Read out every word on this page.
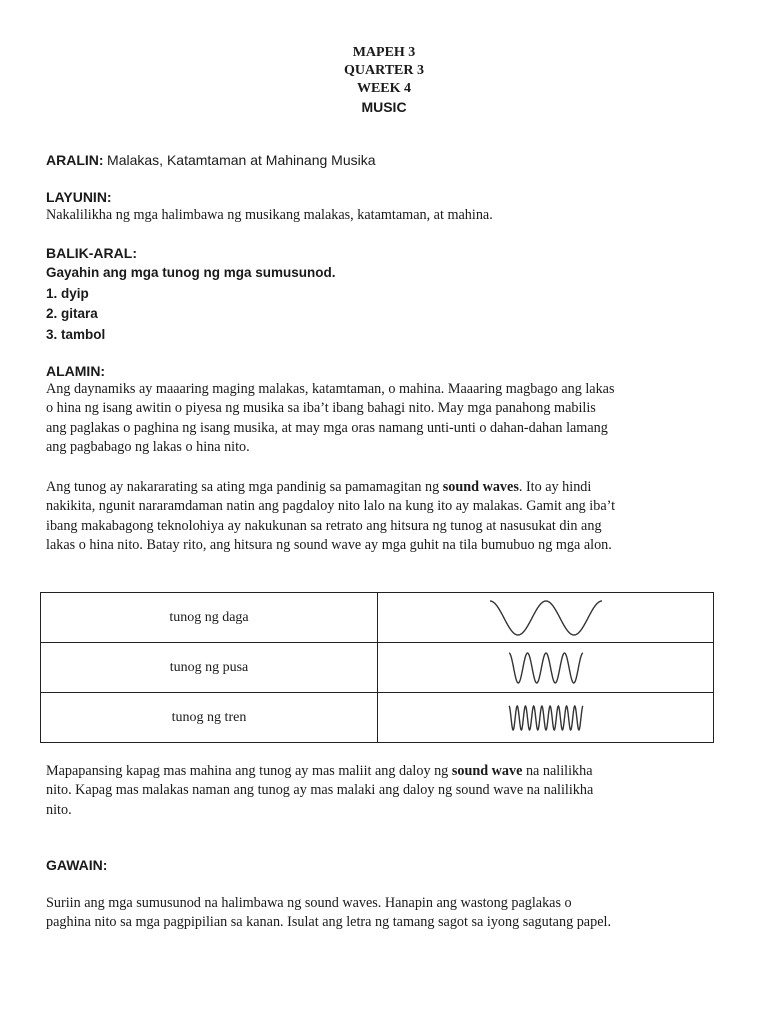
MAPEH 3
QUARTER 3
WEEK 4
MUSIC
ARALIN: Malakas, Katamtaman at Mahinang Musika
LAYUNIN:
Nakalilikha ng mga halimbawa ng musikang malakas, katamtaman, at mahina.
BALIK-ARAL:
Gayahin ang mga tunog ng mga sumusunod.
1. dyip
2. gitara
3. tambol
ALAMIN:
Ang daynamiks ay maaaring maging malakas, katamtaman, o mahina. Maaaring magbago ang lakas
o hina ng isang awitin o piyesa ng musika sa iba’t ibang bahagi nito. May mga panahong mabilis
ang paglakas o paghina ng isang musika, at may mga oras namang unti-unti o dahan-dahan lamang
ang pagbabago ng lakas o hina nito.
Ang tunog ay nakararating sa ating mga pandinig sa pamamagitan ng sound waves. Ito ay hindi
nakikita, ngunit nararamdaman natin ang pagdaloy nito lalo na kung ito ay malakas. Gamit ang iba’t
ibang makabagong teknolohiya ay nakukunan sa retrato ang hitsura ng tunog at nasusukat din ang
lakas o hina nito. Batay rito, ang hitsura ng sound wave ay mga guhit na tila bumubuo ng mga alon.
tunog ng daga	

tunog ng pusa	

tunog ng tren	
Mapapansing kapag mas mahina ang tunog ay mas maliit ang daloy ng sound wave na nalilikha
nito. Kapag mas malakas naman ang tunog ay mas malaki ang daloy ng sound wave na nalilikha
nito.
GAWAIN:
Suriin ang mga sumusunod na halimbawa ng sound waves. Hanapin ang wastong paglakas o
paghina nito sa mga pagpipilian sa kanan. Isulat ang letra ng tamang sagot sa iyong sagutang papel.
